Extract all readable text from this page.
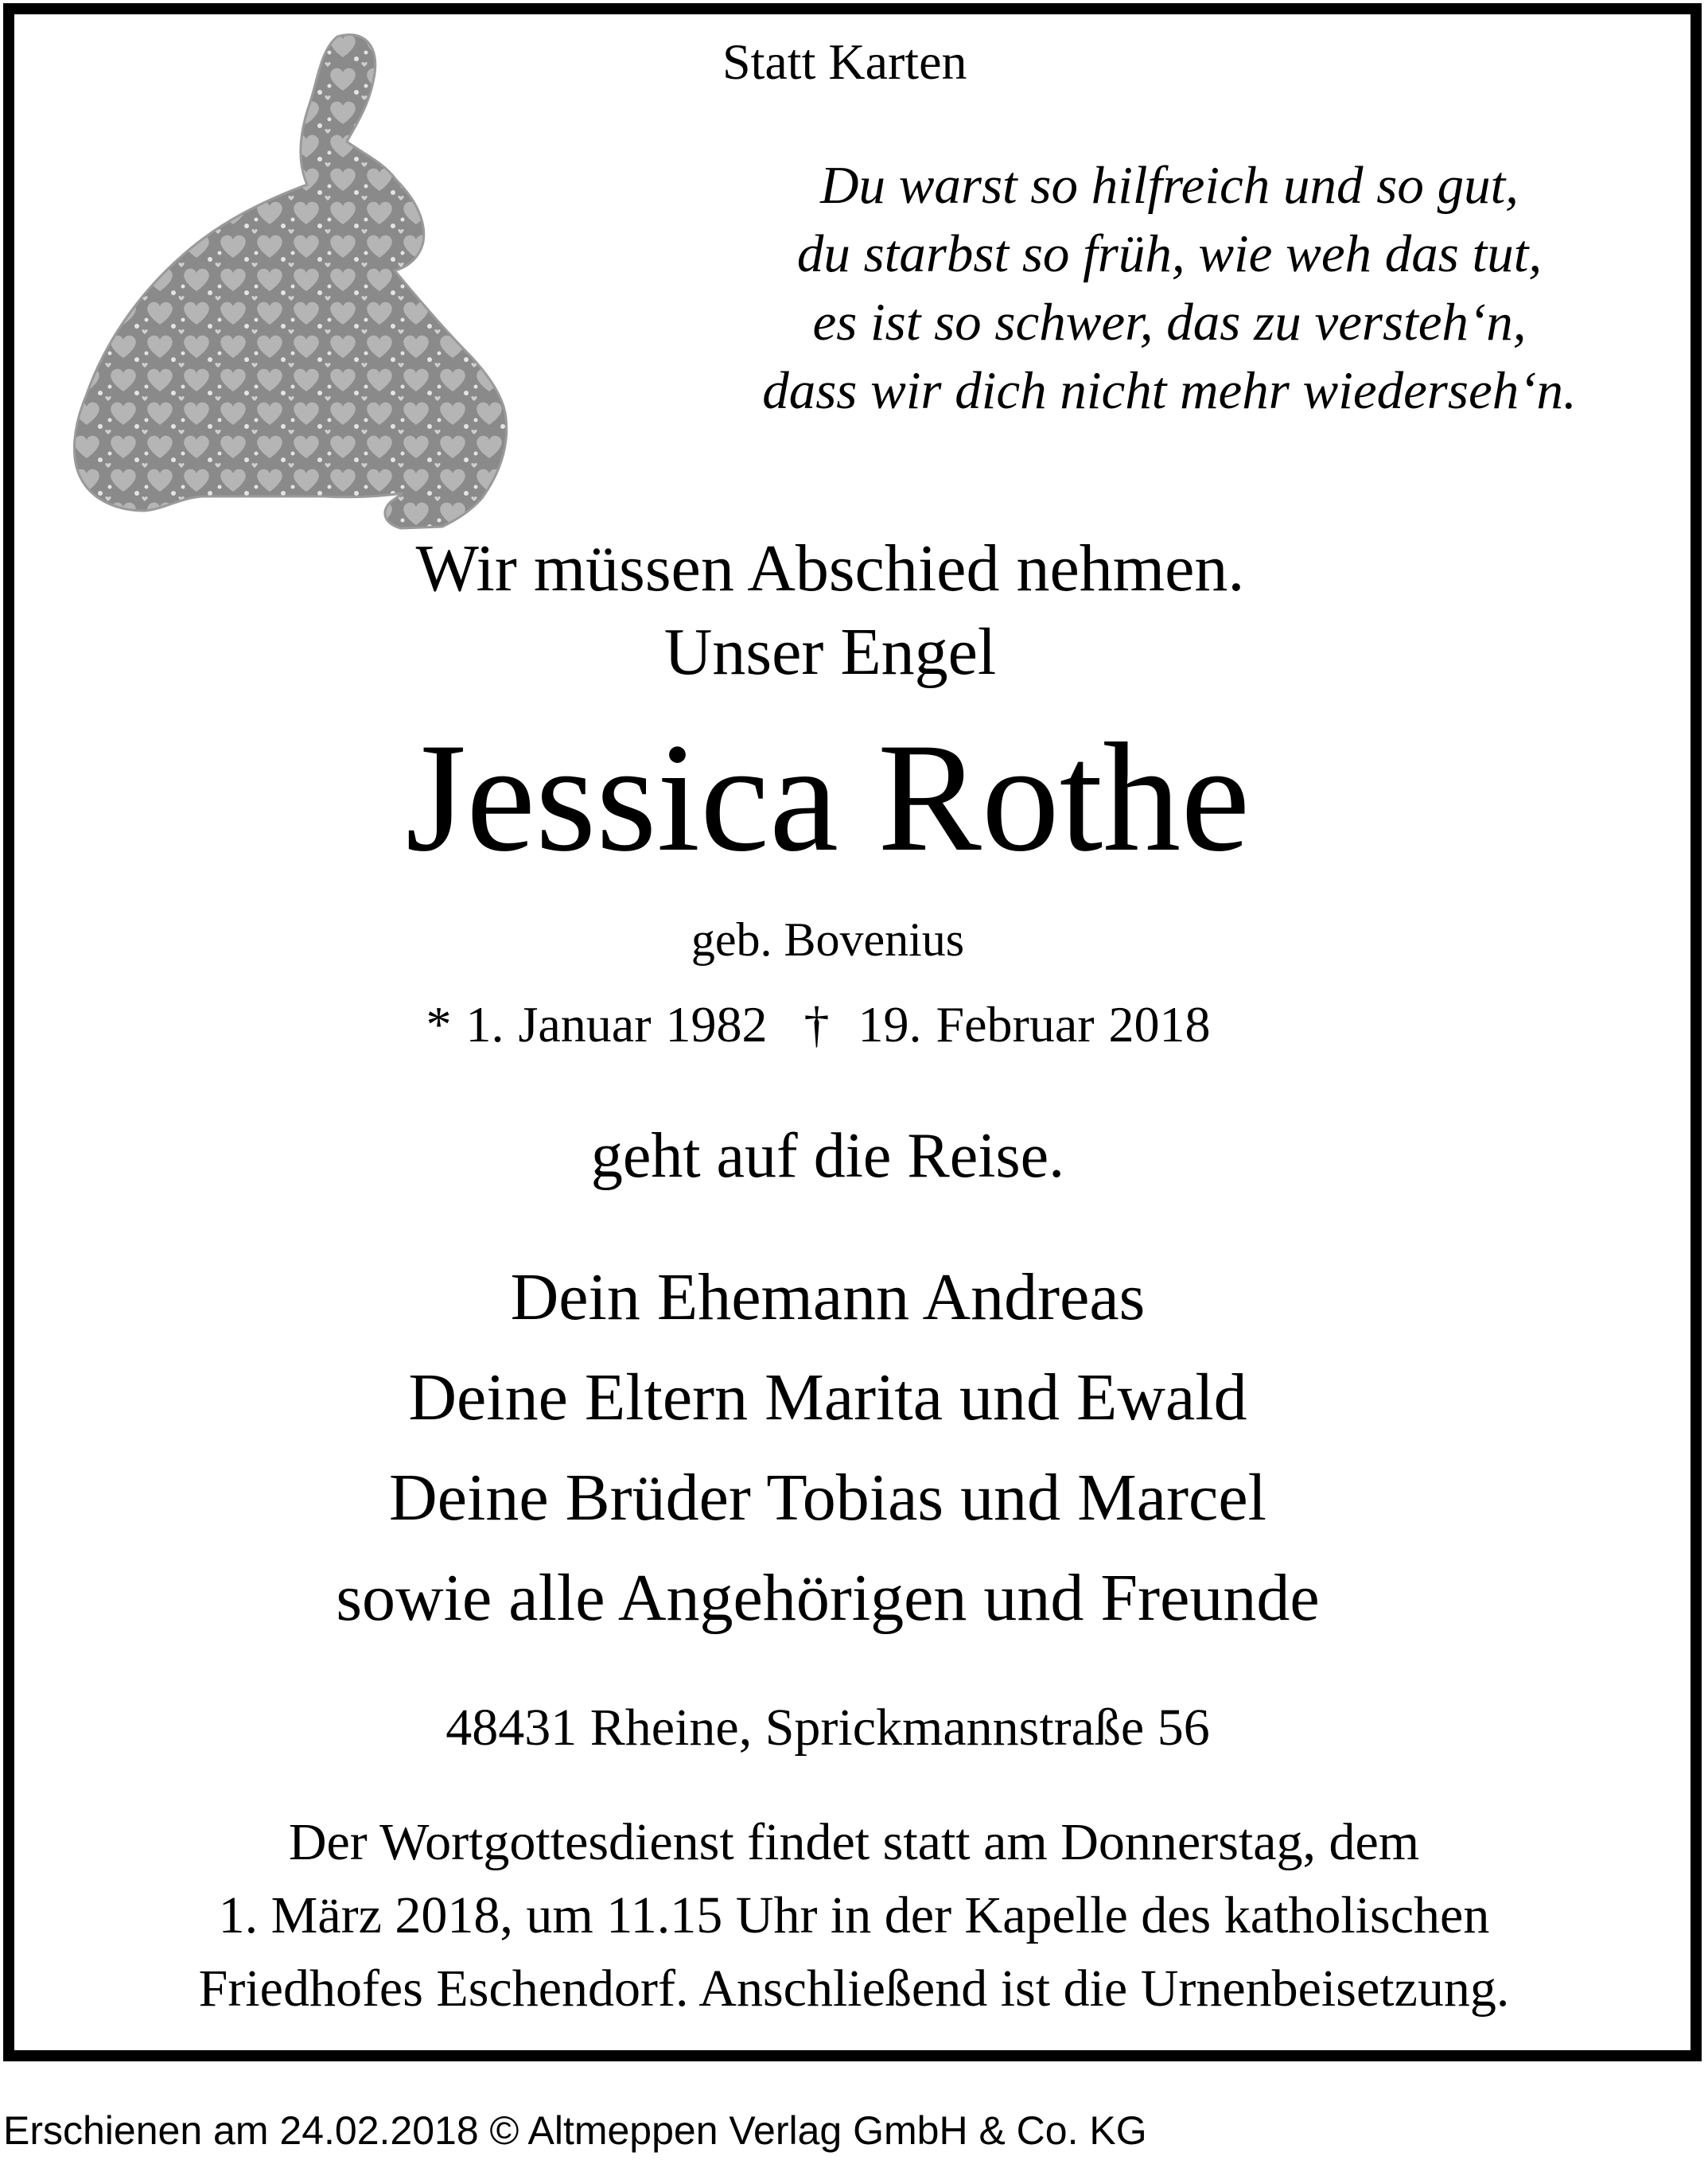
Statt Karten
Du warst so hilfreich und so gut,
du starbst so früh, wie weh das tut,
es ist so schwer, das zu versteh‘n,
dass wir dich nicht mehr wiederseh‘n.
Wir müssen Abschied nehmen.
Unser Engel
Jessica Rothe
geb. Bovenius
* 1. Januar 1982 † 19. Februar 2018
geht auf die Reise.
Dein Ehemann Andreas
Deine Eltern Marita und Ewald
Deine Brüder Tobias und Marcel
sowie alle Angehörigen und Freunde
48431 Rheine, Sprickmannstraße 56
Der Wortgottesdienst findet statt am Donnerstag, dem
1. März 2018, um 11.15 Uhr in der Kapelle des katholischen
Friedhofes Eschendorf. Anschließend ist die Urnenbeisetzung.
Erschienen am 24.02.2018 © Altmeppen Verlag GmbH & Co. KG
